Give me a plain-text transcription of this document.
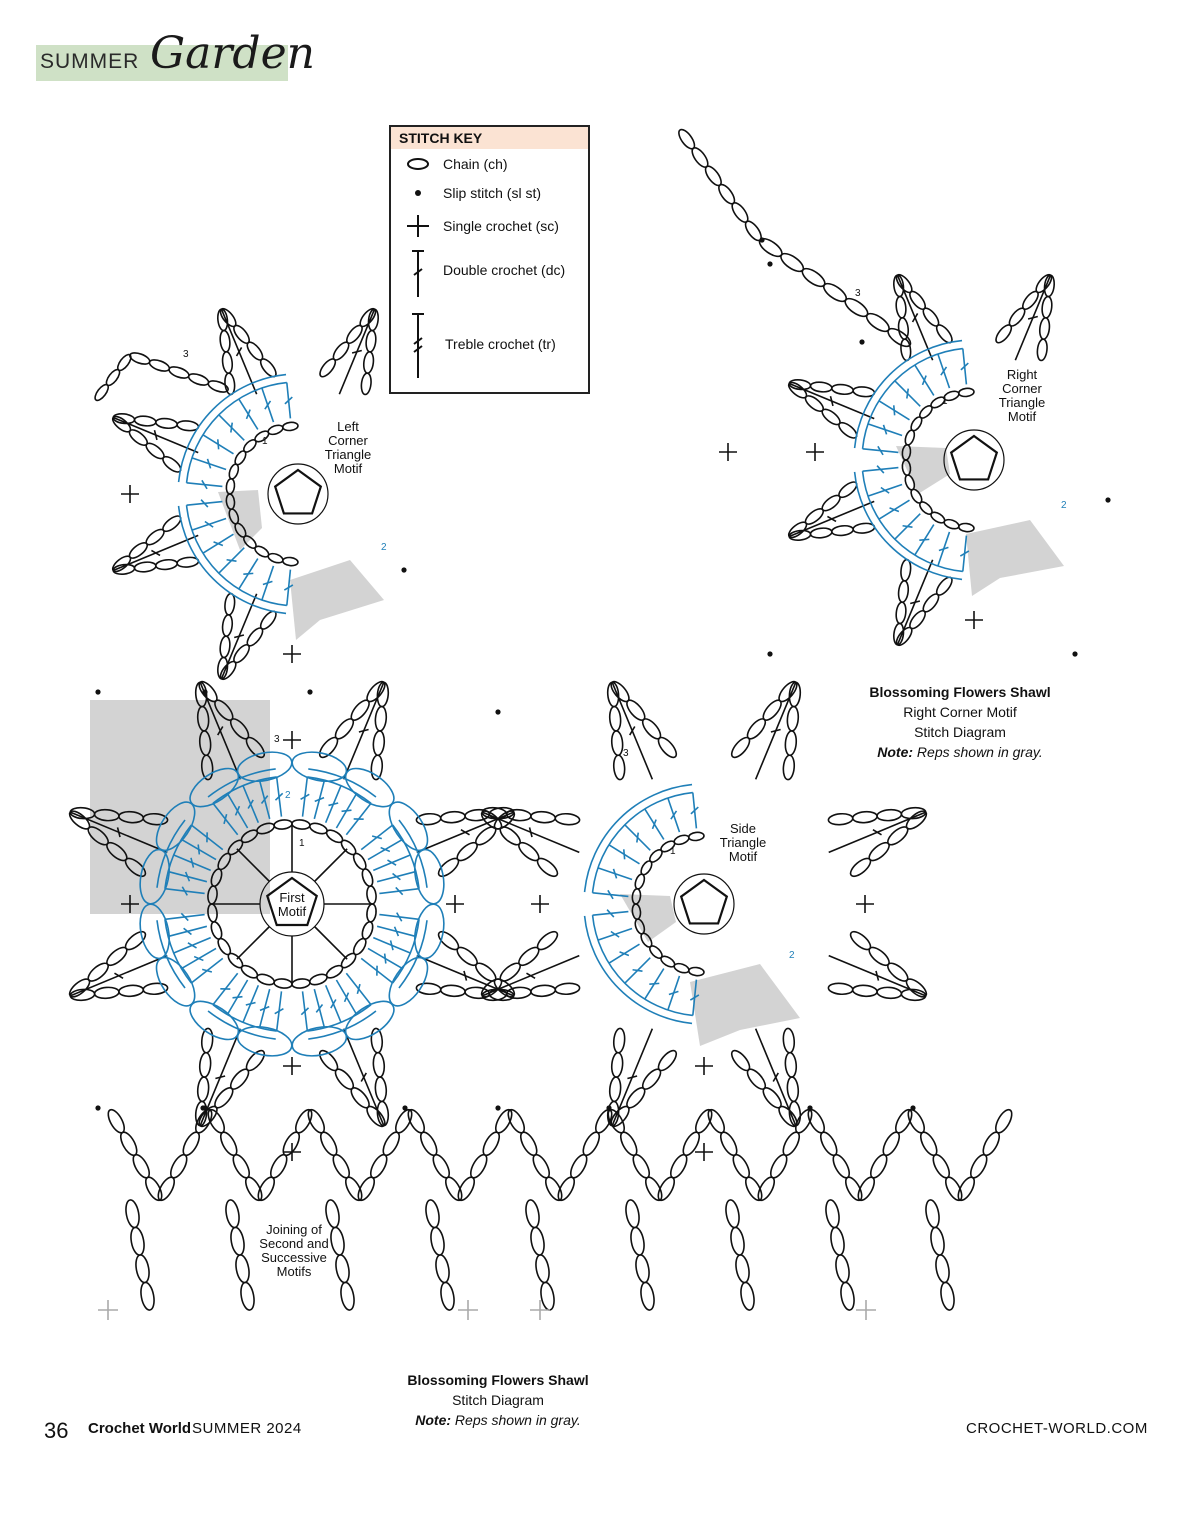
SUMMER Garden
STITCH KEY
Chain (ch)
Slip stitch (sl st)
Single crochet (sc)
Double crochet (dc)
Treble crochet (tr)
Left
Corner
Triangle
Motif
Right
Corner
Triangle
Motif
Side
Triangle
Motif
First
Motif
Joining of
Second and
Successive
Motifs
3
1
2
3
2
1
3
1
2
3
1
2
Blossoming Flowers Shawl
Right Corner Motif
Stitch Diagram
Note: Reps shown in gray.
Blossoming Flowers Shawl
Stitch Diagram
Note: Reps shown in gray.
36 Crochet World SUMMER 2024	CROCHET-WORLD.COM
